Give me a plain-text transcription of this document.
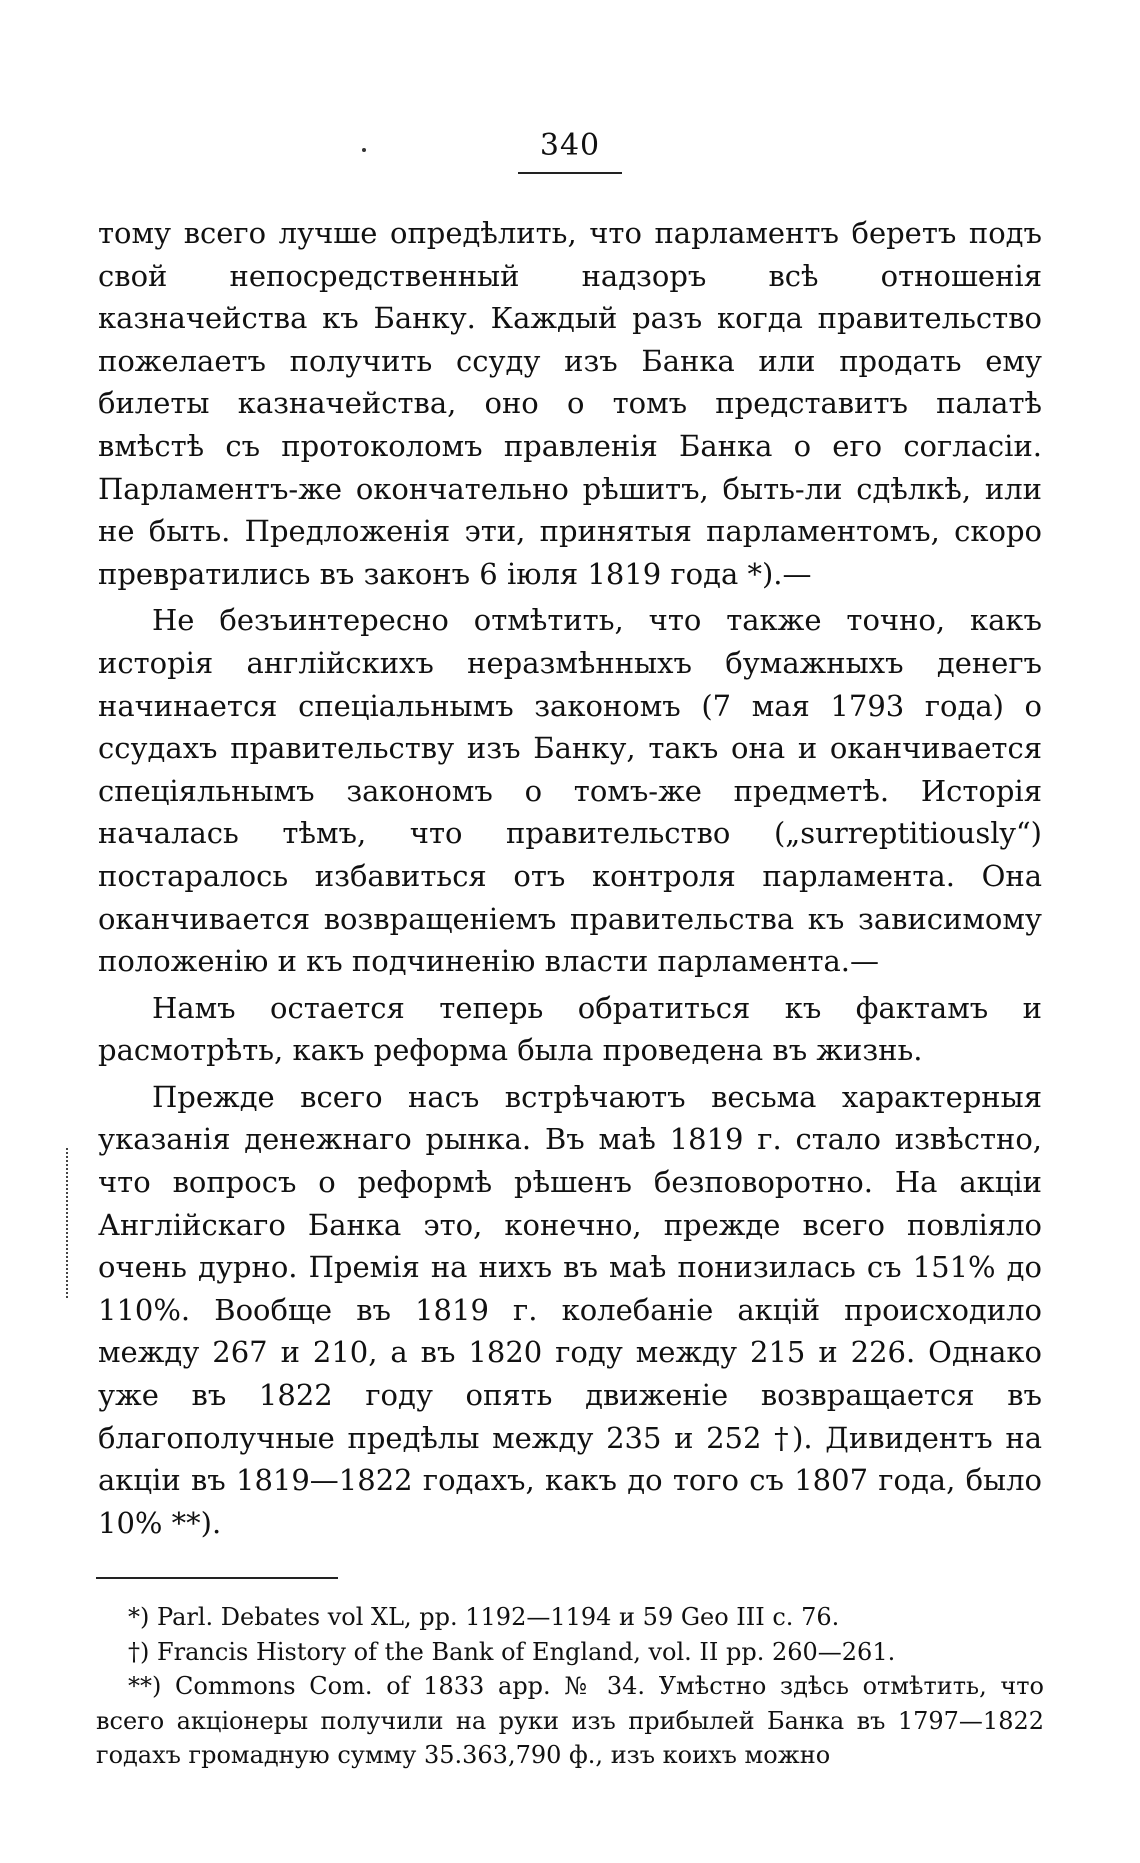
340

тому всего лучше опредѣлить, что парламентъ беретъ подъ свой непосредственный надзоръ всѣ отношенія казначейства къ Банку. Каждый разъ когда правительство пожелаетъ получить ссуду изъ Банка или продать ему билеты казначейства, оно о томъ представитъ палатѣ вмѣстѣ съ протоколомъ правленія Банка о его согласіи. Парламентъ-же окончательно рѣшитъ, быть-ли сдѣлкѣ, или не быть. Предложенія эти, принятыя парламентомъ, скоро превратились въ законъ 6 іюля 1819 года *).—

Не безъинтересно отмѣтить, что также точно, какъ исторія англійскихъ неразмѣнныхъ бумажныхъ денегъ начинается спеціальнымъ закономъ (7 мая 1793 года) о ссудахъ правительству изъ Банку, такъ она и оканчивается спеціяльнымъ закономъ о томъ-же предметѣ. Исторія началась тѣмъ, что правительство („surreptitiously“) постаралось избавиться отъ контроля парламента. Она оканчивается возвращеніемъ правительства къ зависимому положенію и къ подчиненію власти парламента.—

Намъ остается теперь обратиться къ фактамъ и расмотрѣть, какъ реформа была проведена въ жизнь.

Прежде всего насъ встрѣчаютъ весьма характерныя указанія денежнаго рынка. Въ маѣ 1819 г. стало извѣстно, что вопросъ о реформѣ рѣшенъ безповоротно. На акціи Англійскаго Банка это, конечно, прежде всего повліяло очень дурно. Премія на нихъ въ маѣ понизилась съ 151% до 110%. Вообще въ 1819 г. колебаніе акцій происходило между 267 и 210, а въ 1820 году между 215 и 226. Однако уже въ 1822 году опять движеніе возвращается въ благополучные предѣлы между 235 и 252 †). Дивидентъ на акціи въ 1819—1822 годахъ, какъ до того съ 1807 года, было 10% **).

*) Parl. Debates vol XL, pp. 1192—1194 и 59 Geo III c. 76.

†) Francis History of the Bank of England, vol. II pp. 260—261.

**) Commons Com. of 1833 app. № 34. Умѣстно здѣсь отмѣтить, что всего акціонеры получили на руки изъ прибылей Банка въ 1797—1822 годахъ громадную сумму 35.363,790 ф., изъ коихъ можно
